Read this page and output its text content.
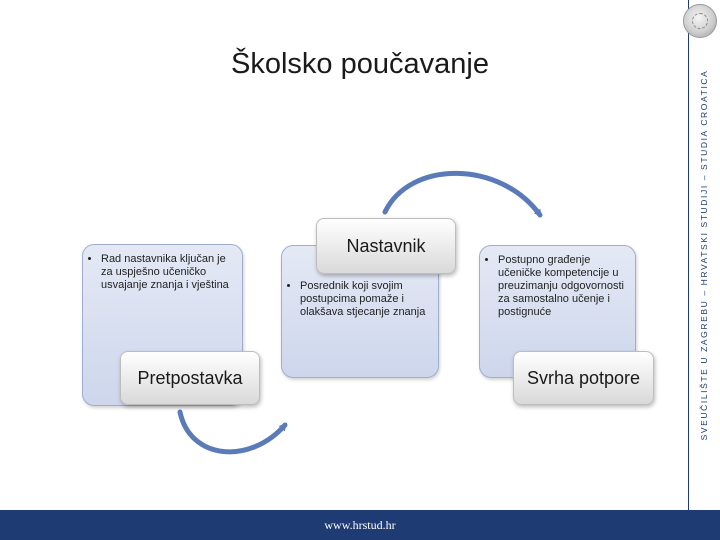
SVEUČILIŠTE U ZAGREBU – HRVATSKI STUDIJI – STUDIA CROATICA
Školsko poučavanje
• Rad nastavnika ključan je za uspješno učeničko usvajanje znanja i vještina
•	Posrednik koji svojim postupcima pomaže i olakšava stjecanje znanja
• Postupno građenje učeničke kompetencije u preuzimanju odgovornosti za samostalno učenje i postignuće
Pretpostavka
Nastavnik
Svrha potpore
www.hrstud.hr
